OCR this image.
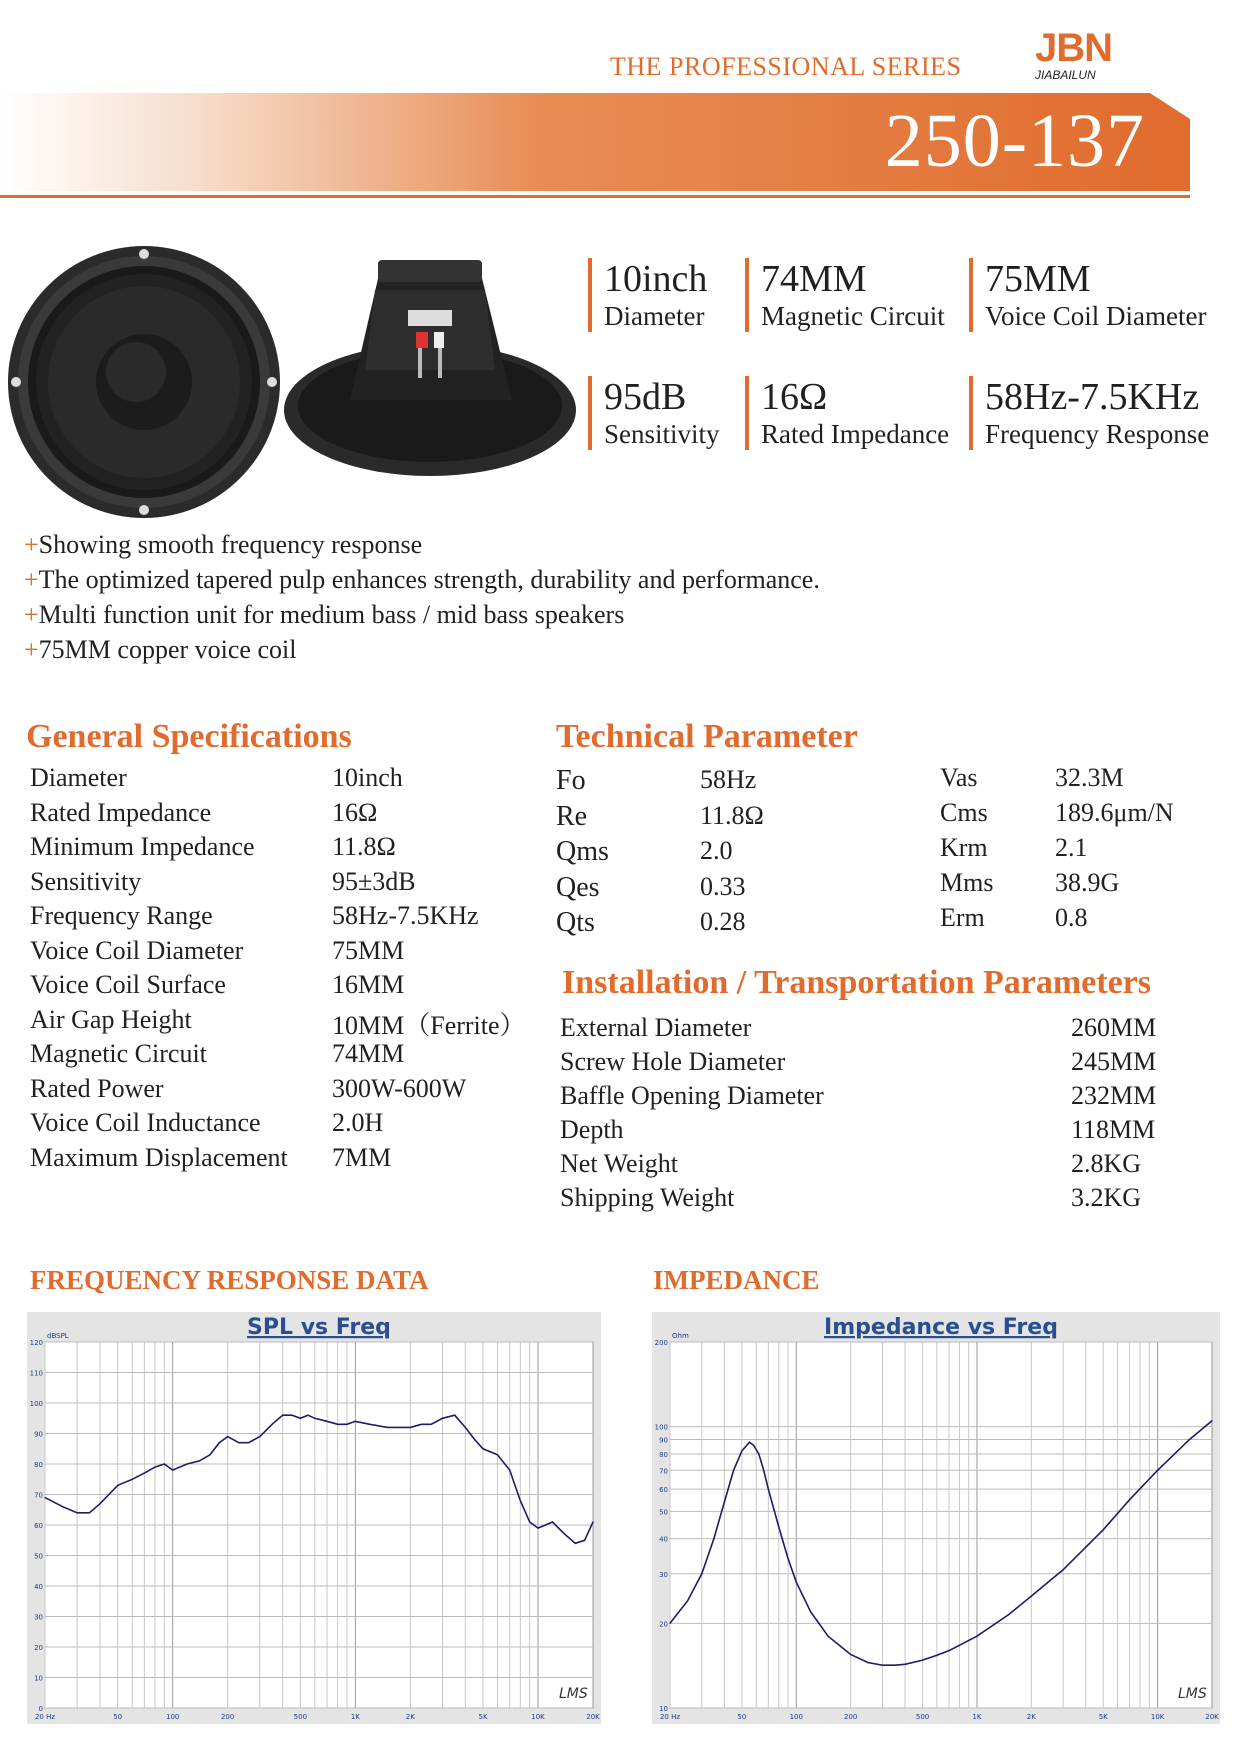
THE PROFESSIONAL SERIES JBN
JIABAILUN
250-137
10inch
Diameter
74MM
Magnetic Circuit
75MM
Voice Coil Diameter
95dB
Sensitivity
16Ω
Rated Impedance
58Hz-7.5KHz
Frequency Response
+Showing smooth frequency response
+The optimized tapered pulp enhances strength, durability and performance.
+Multi function unit for medium bass / mid bass speakers
+75MM copper voice coil
General Specifications
Diameter	10inch
Rated Impedance	16Ω
Minimum Impedance	11.8Ω
Sensitivity	95±3dB
Frequency Range	58Hz-7.5KHz
Voice Coil Diameter	75MM
Voice Coil Surface	16MM
Air Gap Height	10MM（Ferrite）
Magnetic Circuit	74MM
Rated Power	300W-600W
Voice Coil Inductance	2.0H
Maximum Displacement 7MM
Technical Parameter
Fo	58Hz	Vas	32.3M
Re	11.8Ω	Cms	189.6μm/N
Qms	2.0	Krm	2.1
Qes	0.33	Mms 38.9G
Qts	0.28	Erm	0.8
Installation / Transportation Parameters
External Diameter	260MM
Screw Hole Diameter	245MM
Baffle Opening Diameter	232MM
Depth	118MM
Net Weight	2.8KG
Shipping Weight	3.2KG
FREQUENCY RESPONSE DATA	IMPEDANCE
0
10
20
30
40
50
60
70
80
90
100
110
120
20 Hz	50	100	200	500	1K	2K	5K	10K	20K
SPL vs Freq
dBSPL
LMS
10
20
30
40
50
60
70
80
90
100
200
20 Hz	50	100	200	500	1K	2K	5K	10K	20K
Impedance vs Freq
Ohm
LMS
